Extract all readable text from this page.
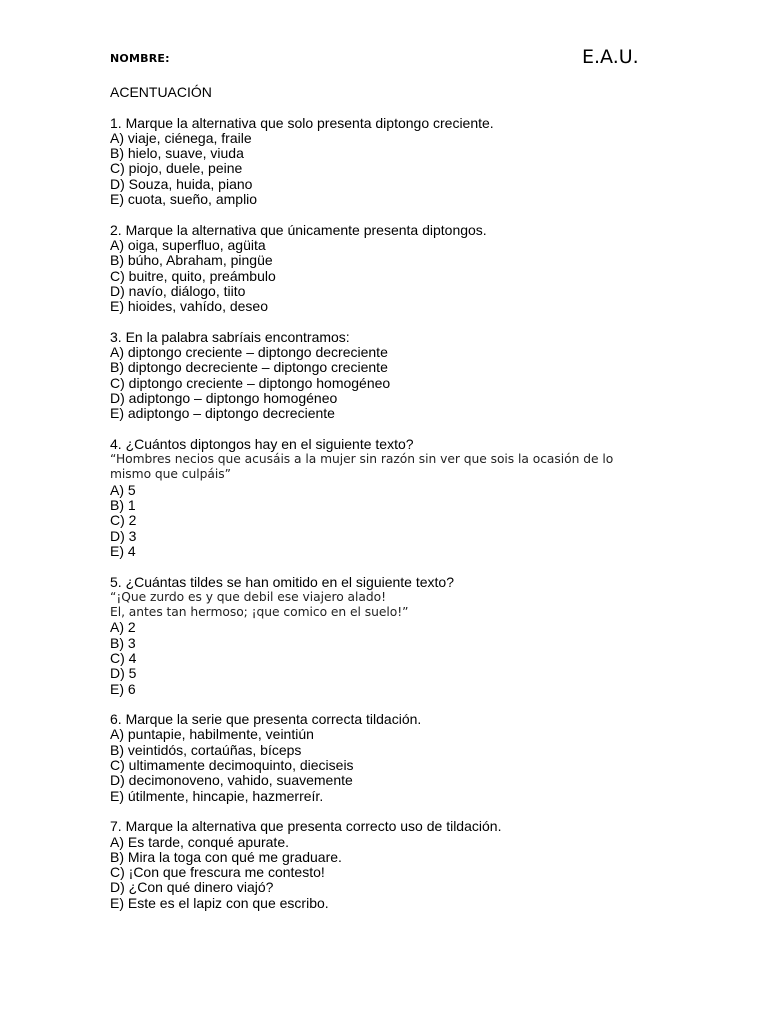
NOMBRE:	E.A.U.
ACENTUACIÓN
1. Marque la alternativa que solo presenta diptongo creciente.
A) viaje, ciénega, fraile
B) hielo, suave, viuda
C) piojo, duele, peine
D) Souza, huida, piano
E) cuota, sueño, amplio
2. Marque la alternativa que únicamente presenta diptongos.
A) oiga, superfluo, agüita
B) búho, Abraham, pingüe
C) buitre, quito, preámbulo
D) navío, diálogo, tiito
E) hioides, vahído, deseo
3. En la palabra sabríais encontramos:
A) diptongo creciente – diptongo decreciente
B) diptongo decreciente – diptongo creciente
C) diptongo creciente – diptongo homogéneo
D) adiptongo – diptongo homogéneo
E) adiptongo – diptongo decreciente
4. ¿Cuántos diptongos hay en el siguiente texto?
“Hombres necios que acusáis a la mujer sin razón sin ver que sois la ocasión de lo
mismo que culpáis”
A) 5
B) 1
C) 2
D) 3
E) 4
5. ¿Cuántas tildes se han omitido en el siguiente texto?
“¡Que zurdo es y que debil ese viajero alado!
El, antes tan hermoso; ¡que comico en el suelo!”
A) 2
B) 3
C) 4
D) 5
E) 6
6. Marque la serie que presenta correcta tildación.
A) puntapie, habilmente, veintiún
B) veintidós, cortaúñas, bíceps
C) ultimamente decimoquinto, dieciseis
D) decimonoveno, vahido, suavemente
E) útilmente, hincapie, hazmerreír.
7. Marque la alternativa que presenta correcto uso de tildación.
A) Es tarde, conqué apurate.
B) Mira la toga con qué me graduare.
C) ¡Con que frescura me contesto!
D) ¿Con qué dinero viajó?
E) Este es el lapiz con que escribo.
